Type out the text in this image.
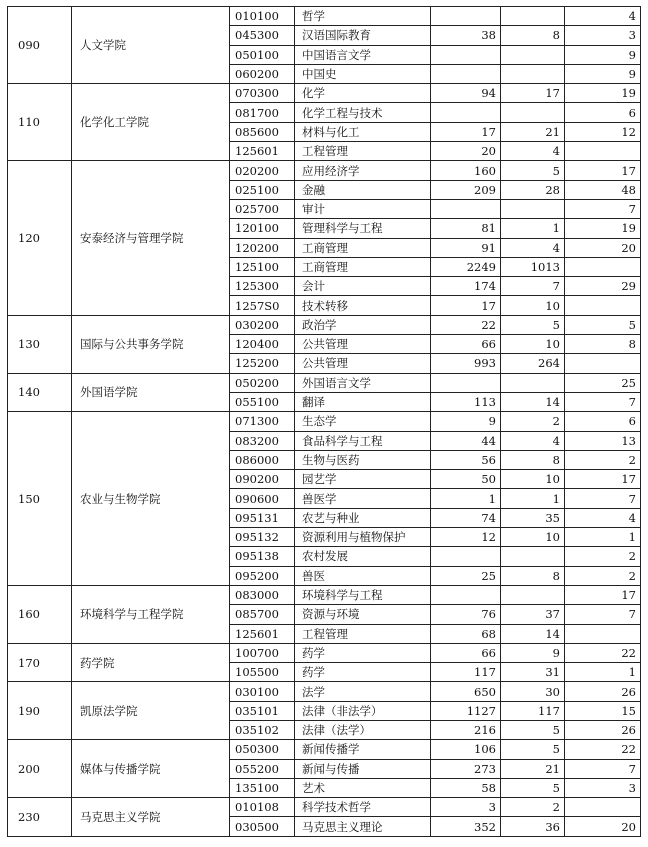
090	人文学院	010100	哲学			4
		045300	汉语国际教育	38	8	3
		050100	中国语言文学			9
		060200	中国史			9
110	化学化工学院	070300	化学	94	17	19
		081700	化学工程与技术			6
		085600	材料与化工	17	21	12
		125601	工程管理	20	4	
120	安泰经济与管理学院	020200	应用经济学	160	5	17
		025100	金融	209	28	48
		025700	审计			7
		120100	管理科学与工程	81	1	19
		120200	工商管理	91	4	20
		125100	工商管理	2249	1013	
		125300	会计	174	7	29
		1257S0	技术转移	17	10	
130	国际与公共事务学院	030200	政治学	22	5	5
		120400	公共管理	66	10	8
		125200	公共管理	993	264	
140	外国语学院	050200	外国语言文学			25
		055100	翻译	113	14	7
150	农业与生物学院	071300	生态学	9	2	6
		083200	食品科学与工程	44	4	13
		086000	生物与医药	56	8	2
		090200	园艺学	50	10	17
		090600	兽医学	1	1	7
		095131	农艺与种业	74	35	4
		095132	资源利用与植物保护	12	10	1
		095138	农村发展			2
		095200	兽医	25	8	2
160	环境科学与工程学院	083000	环境科学与工程			17
		085700	资源与环境	76	37	7
		125601	工程管理	68	14	
170	药学院	100700	药学	66	9	22
		105500	药学	117	31	1
190	凯原法学院	030100	法学	650	30	26
		035101	法律（非法学）	1127	117	15
		035102	法律（法学）	216	5	26
200	媒体与传播学院	050300	新闻传播学	106	5	22
		055200	新闻与传播	273	21	7
		135100	艺术	58	5	3
230	马克思主义学院	010108	科学技术哲学	3	2	
		030500	马克思主义理论	352	36	20
